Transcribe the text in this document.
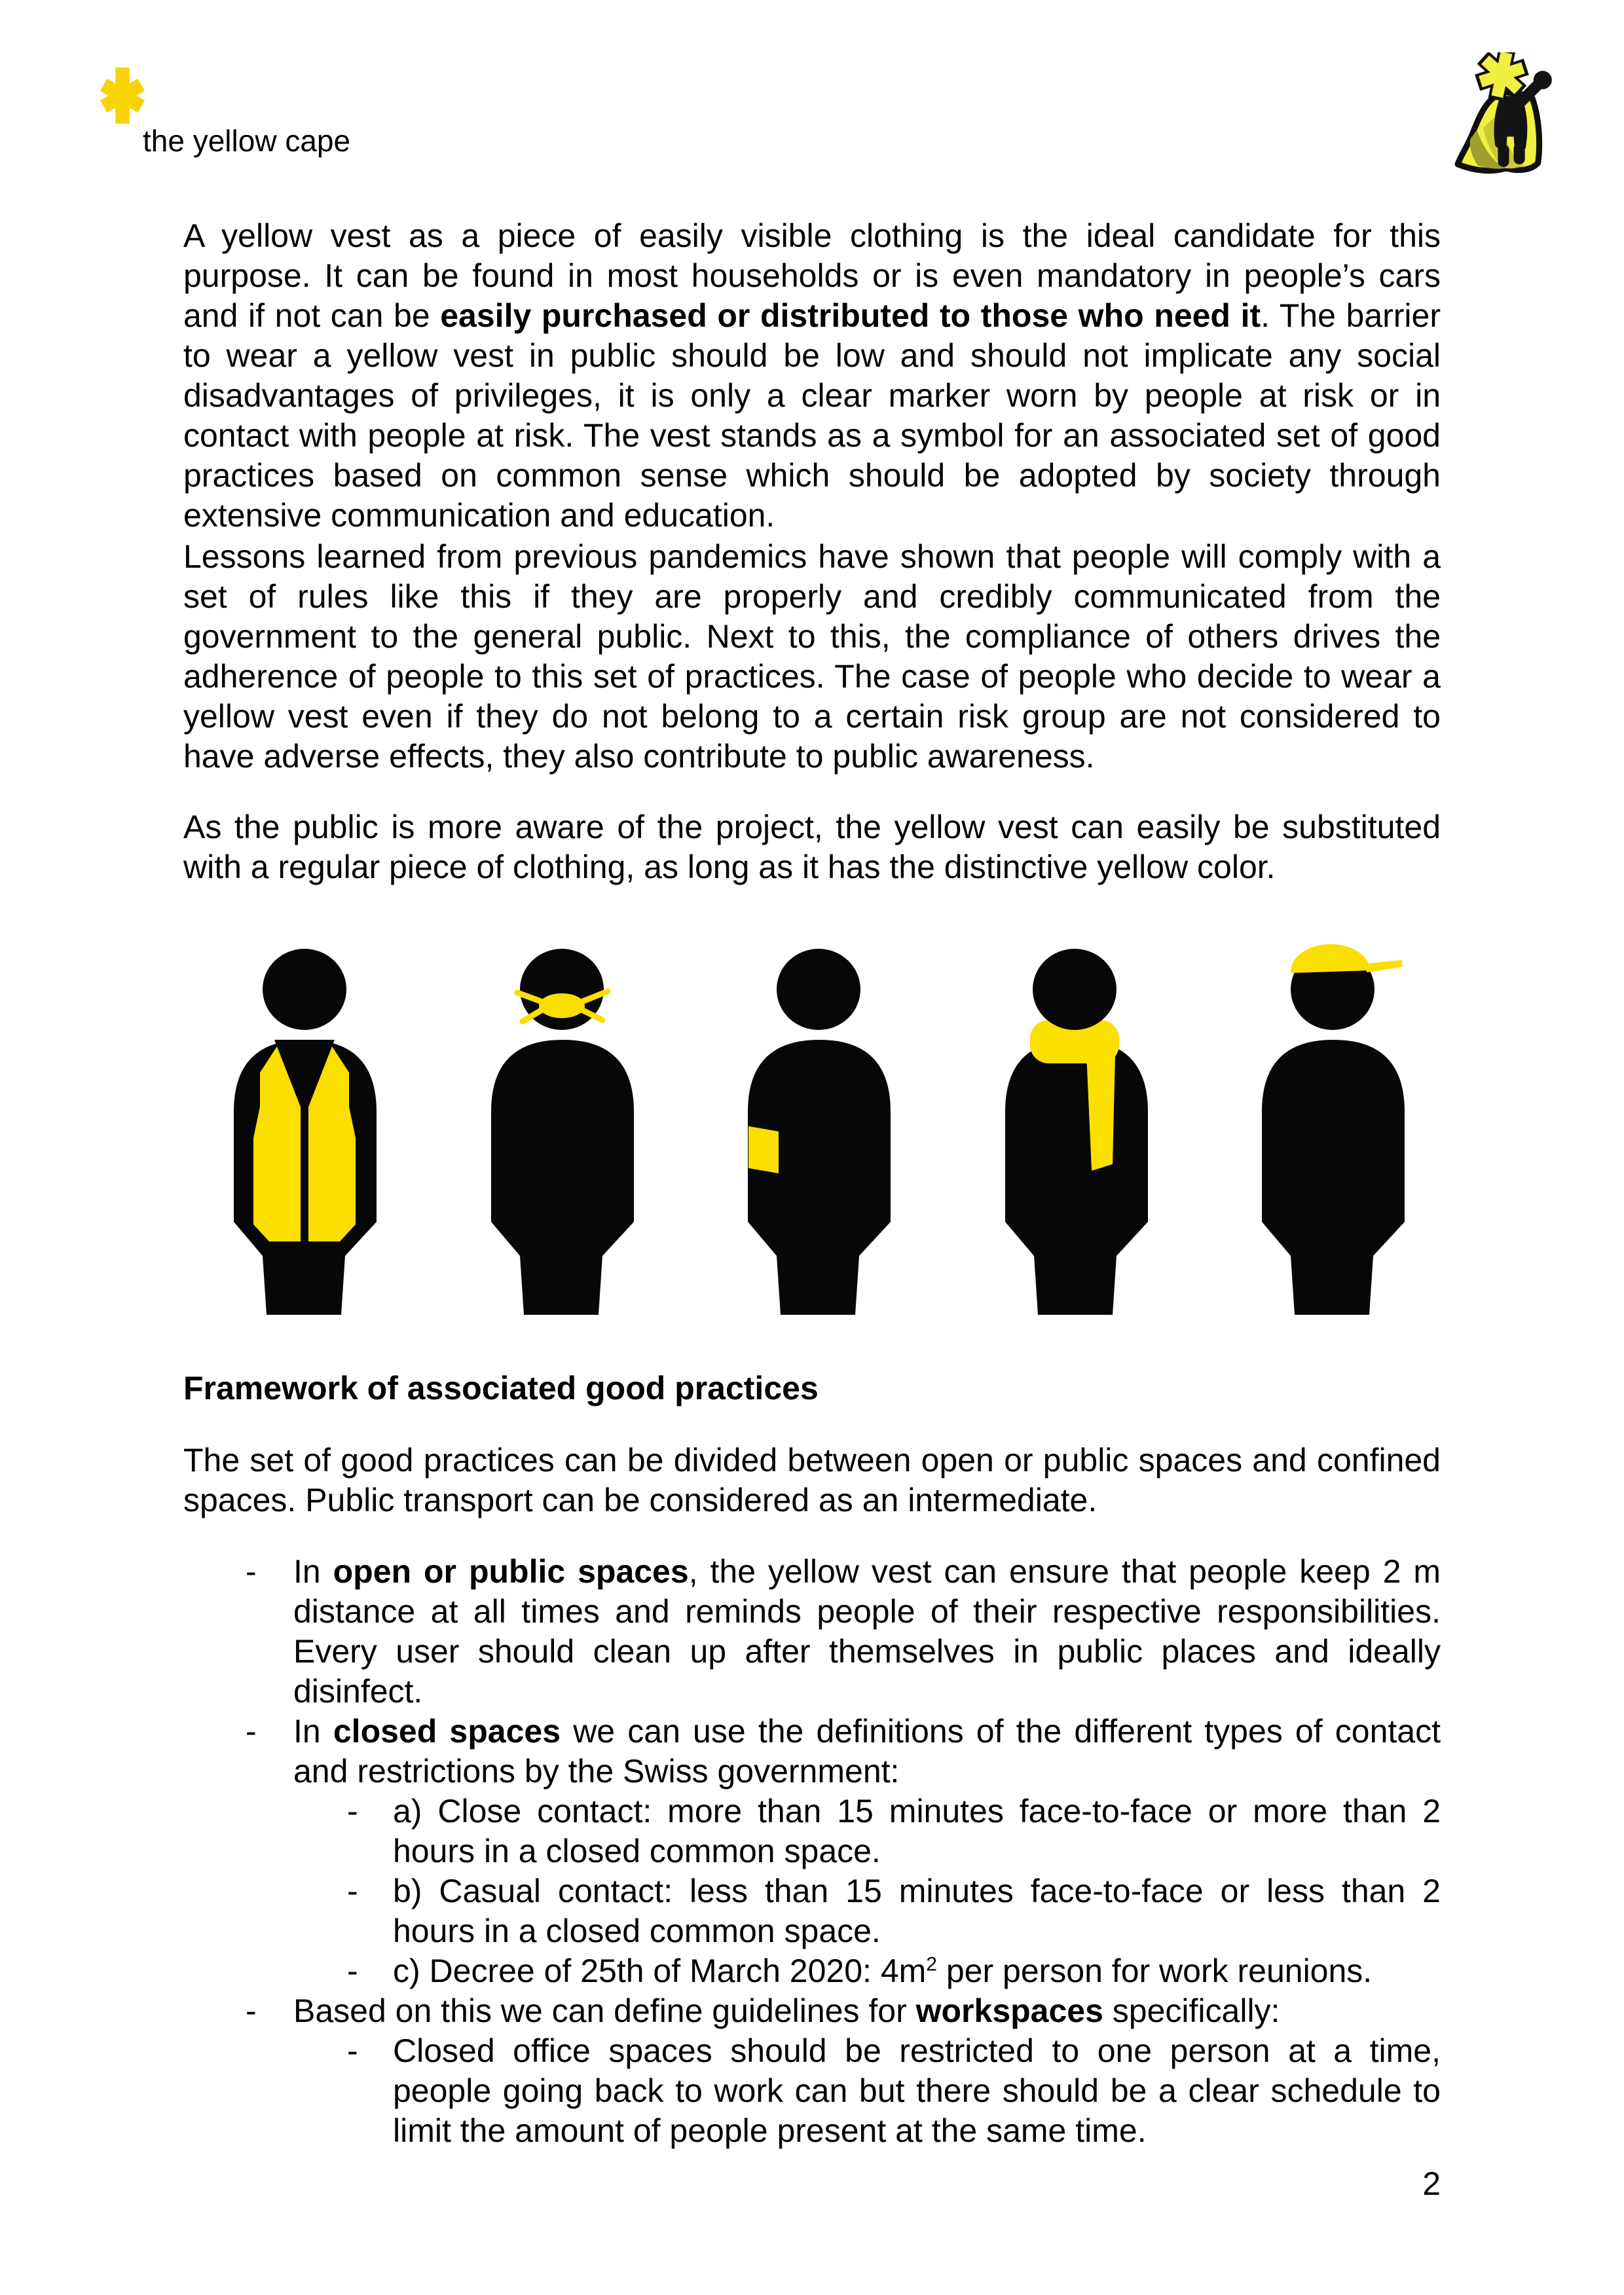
the yellow cape
A yellow vest as a piece of easily visible clothing is the ideal candidate for this purpose. It can be found in most households or is even mandatory in people’s cars and if not can be easily purchased or distributed to those who need it. The barrier to wear a yellow vest in public should be low and should not implicate any social disadvantages of privileges, it is only a clear marker worn by people at risk or in contact with people at risk. The vest stands as a symbol for an associated set of good practices based on common sense which should be adopted by society through extensive communication and education.
Lessons learned from previous pandemics have shown that people will comply with a set of rules like this if they are properly and credibly communicated from the government to the general public. Next to this, the compliance of others drives the adherence of people to this set of practices. The case of people who decide to wear a yellow vest even if they do not belong to a certain risk group are not considered to have adverse effects, they also contribute to public awareness.
As the public is more aware of the project, the yellow vest can easily be substituted with a regular piece of clothing, as long as it has the distinctive yellow color.
Framework of associated good practices
The set of good practices can be divided between open or public spaces and confined spaces. Public transport can be considered as an intermediate.
- In open or public spaces, the yellow vest can ensure that people keep 2 m distance at all times and reminds people of their respective responsibilities. Every user should clean up after themselves in public places and ideally disinfect.
- In closed spaces we can use the definitions of the different types of contact and restrictions by the Swiss government:
- a) Close contact: more than 15 minutes face-to-face or more than 2 hours in a closed common space.
- b) Casual contact: less than 15 minutes face-to-face or less than 2 hours in a closed common space.
- c) Decree of 25th of March 2020: $4m^2$ per person for work reunions.
- Based on this we can define guidelines for workspaces specifically:
- Closed office spaces should be restricted to one person at a time, people going back to work can but there should be a clear schedule to limit the amount of people present at the same time.
2
